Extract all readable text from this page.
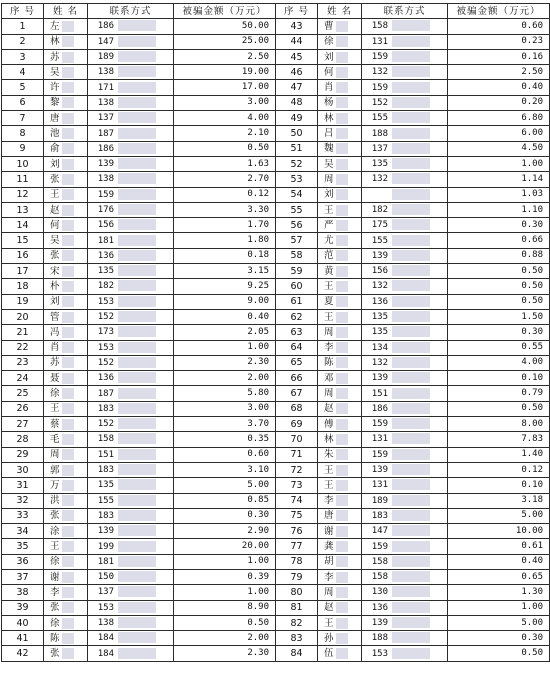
序 号	姓 名	联系方式	被骗金额（万元）	序 号	姓 名	联系方式	被骗金额（万元）
1	左	186	50.00	43	曹	158	0.60
2	林	147	25.00	44	徐	131	0.23
3	苏	189	2.50	45	刘	159	0.16
4	吴	138	19.00	46	何	132	2.50
5	许	171	17.00	47	肖	159	0.40
6	黎	138	3.00	48	杨	152	0.20
7	唐	137	4.00	49	林	155	6.80
8	池	187	2.10	50	吕	188	6.00
9	俞	186	0.50	51	魏	137	4.50
10	刘	139	1.63	52	吴	135	1.00
11	张	138	2.70	53	周	132	1.14
12	王	159	0.12	54	刘		1.03
13	赵	176	3.30	55	王	182	1.10
14	何	156	1.70	56	严	175	0.30
15	吴	181	1.80	57	尤	155	0.66
16	张	136	0.18	58	范	139	0.88
17	宋	135	3.15	59	黄	156	0.50
18	朴	182	9.25	60	王	132	0.50
19	刘	153	9.00	61	夏	136	0.50
20	管	152	0.40	62	王	135	1.50
21	冯	173	2.05	63	周	135	0.30
22	肖	153	1.00	64	李	134	0.55
23	苏	152	2.30	65	陈	132	4.00
24	聂	136	2.00	66	邓	139	0.10
25	徐	187	5.80	67	周	151	0.79
26	王	183	3.00	68	赵	186	0.50
27	蔡	152	3.70	69	傅	159	8.00
28	毛	158	0.35	70	林	131	7.83
29	周	151	0.60	71	朱	159	1.40
30	郭	183	3.10	72	王	139	0.12
31	万	135	5.00	73	王	131	0.10
32	洪	155	0.85	74	李	189	3.18
33	张	183	0.30	75	唐	183	5.00
34	涂	139	2.90	76	谢	147	10.00
35	王	199	20.00	77	龚	159	0.61
36	徐	181	1.00	78	胡	158	0.40
37	谢	150	0.39	79	李	158	0.65
38	李	137	1.00	80	周	130	1.30
39	张	153	8.90	81	赵	136	1.00
40	徐	138	0.50	82	王	139	5.00
41	陈	184	2.00	83	孙	188	0.30
42	张	184	2.30	84	伍	153	0.50
